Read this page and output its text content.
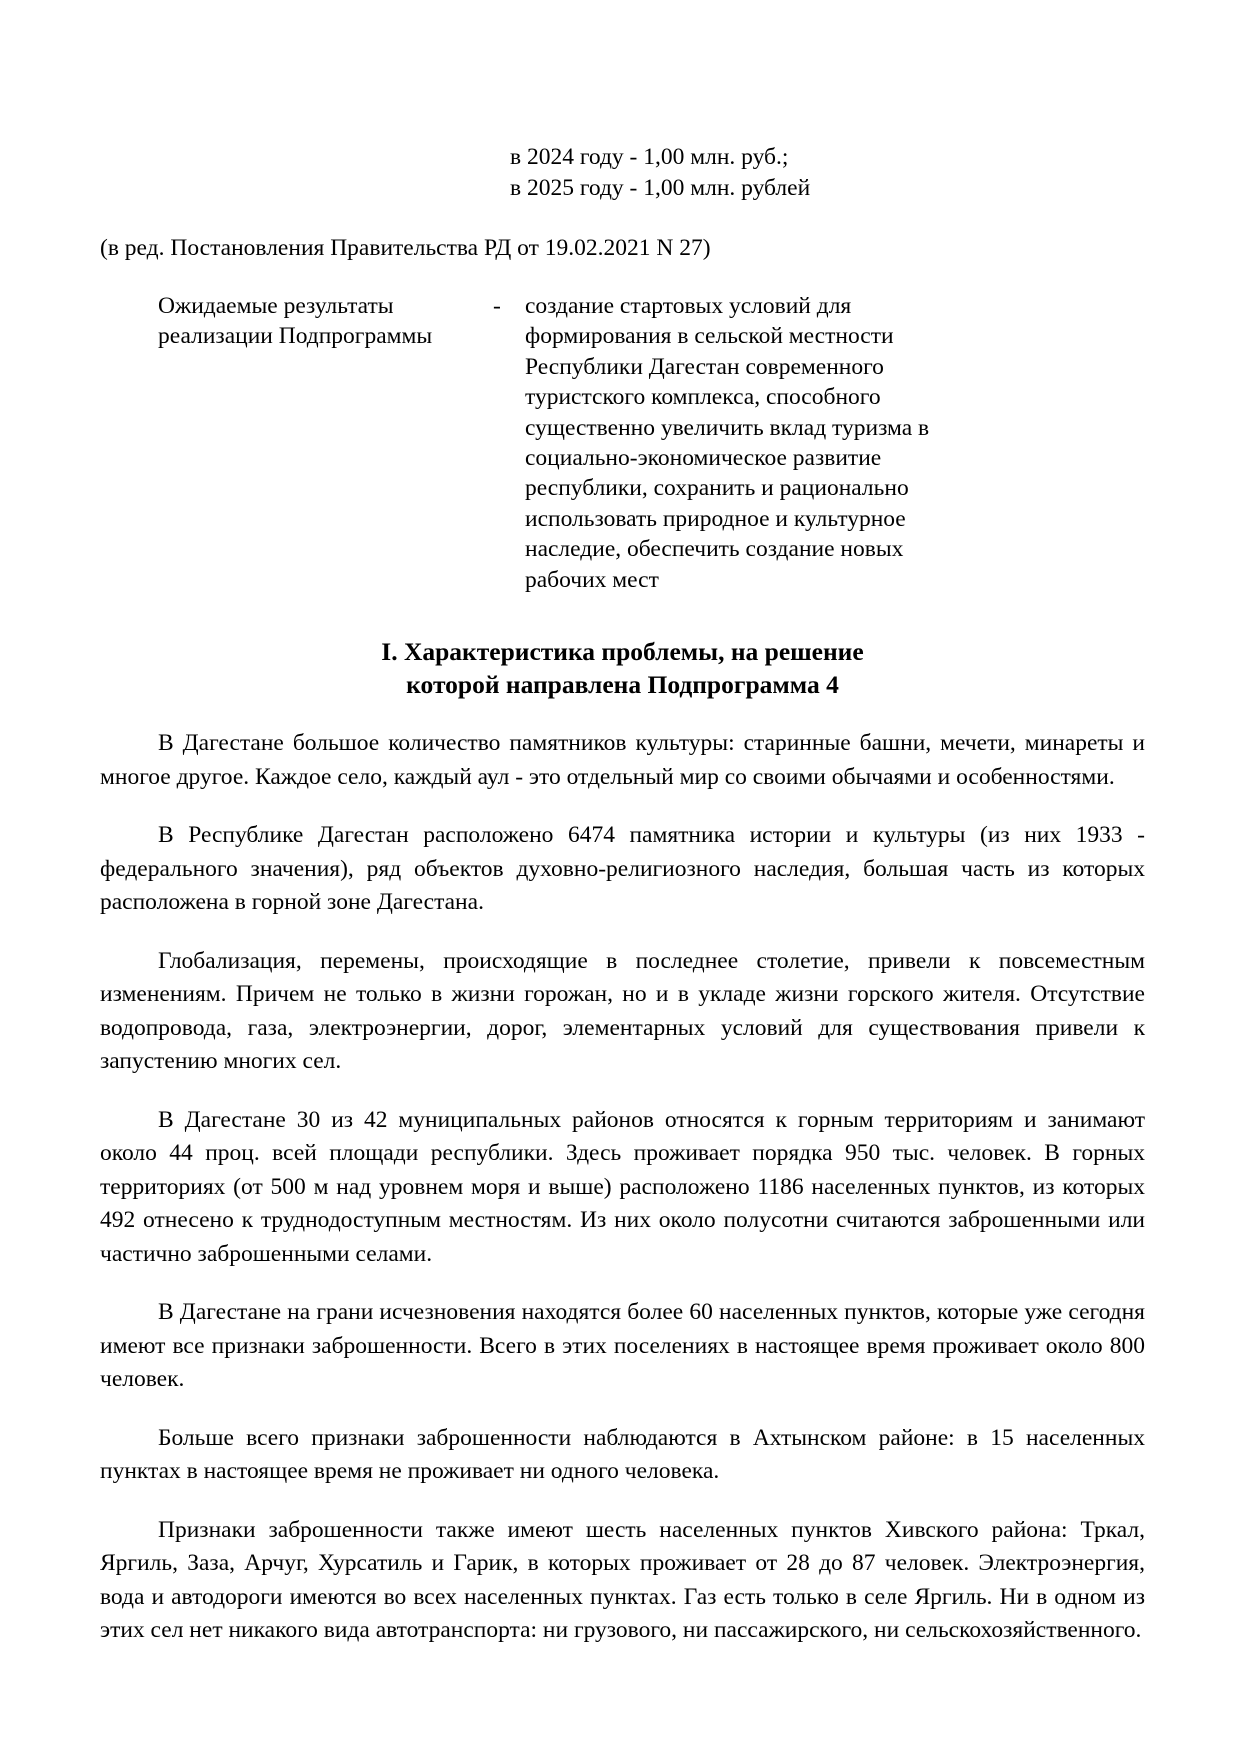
в 2024 году - 1,00 млн. руб.;
в 2025 году - 1,00 млн. рублей
(в ред. Постановления Правительства РД от 19.02.2021 N 27)
Ожидаемые результаты
реализации Подпрограммы
	-	создание стартовых условий для
формирования в сельской местности
Республики Дагестан современного
туристского комплекса, способного
существенно увеличить вклад туризма в
социально-экономическое развитие
республики, сохранить и рационально
использовать природное и культурное
наследие, обеспечить создание новых
рабочих мест
I. Характеристика проблемы, на решение
которой направлена Подпрограмма 4

В Дагестане большое количество памятников культуры: старинные башни, мечети, минареты и многое другое. Каждое село, каждый аул - это отдельный мир со своими обычаями и особенностями.

В Республике Дагестан расположено 6474 памятника истории и культуры (из них 1933 - федерального значения), ряд объектов духовно-религиозного наследия, большая часть из которых расположена в горной зоне Дагестана.

Глобализация, перемены, происходящие в последнее столетие, привели к повсеместным изменениям. Причем не только в жизни горожан, но и в укладе жизни горского жителя. Отсутствие водопровода, газа, электроэнергии, дорог, элементарных условий для существования привели к запустению многих сел.

В Дагестане 30 из 42 муниципальных районов относятся к горным территориям и занимают около 44 проц. всей площади республики. Здесь проживает порядка 950 тыс. человек. В горных территориях (от 500 м над уровнем моря и выше) расположено 1186 населенных пунктов, из которых 492 отнесено к труднодоступным местностям. Из них около полусотни считаются заброшенными или частично заброшенными селами.

В Дагестане на грани исчезновения находятся более 60 населенных пунктов, которые уже сегодня имеют все признаки заброшенности. Всего в этих поселениях в настоящее время проживает около 800 человек.

Больше всего признаки заброшенности наблюдаются в Ахтынском районе: в 15 населенных пунктах в настоящее время не проживает ни одного человека.

Признаки заброшенности также имеют шесть населенных пунктов Хивского района: Тркал, Яргиль, Заза, Арчуг, Хурсатиль и Гарик, в которых проживает от 28 до 87 человек. Электроэнергия, вода и автодороги имеются во всех населенных пунктах. Газ есть только в селе Яргиль. Ни в одном из этих сел нет никакого вида автотранспорта: ни грузового, ни пассажирского, ни сельскохозяйственного.
